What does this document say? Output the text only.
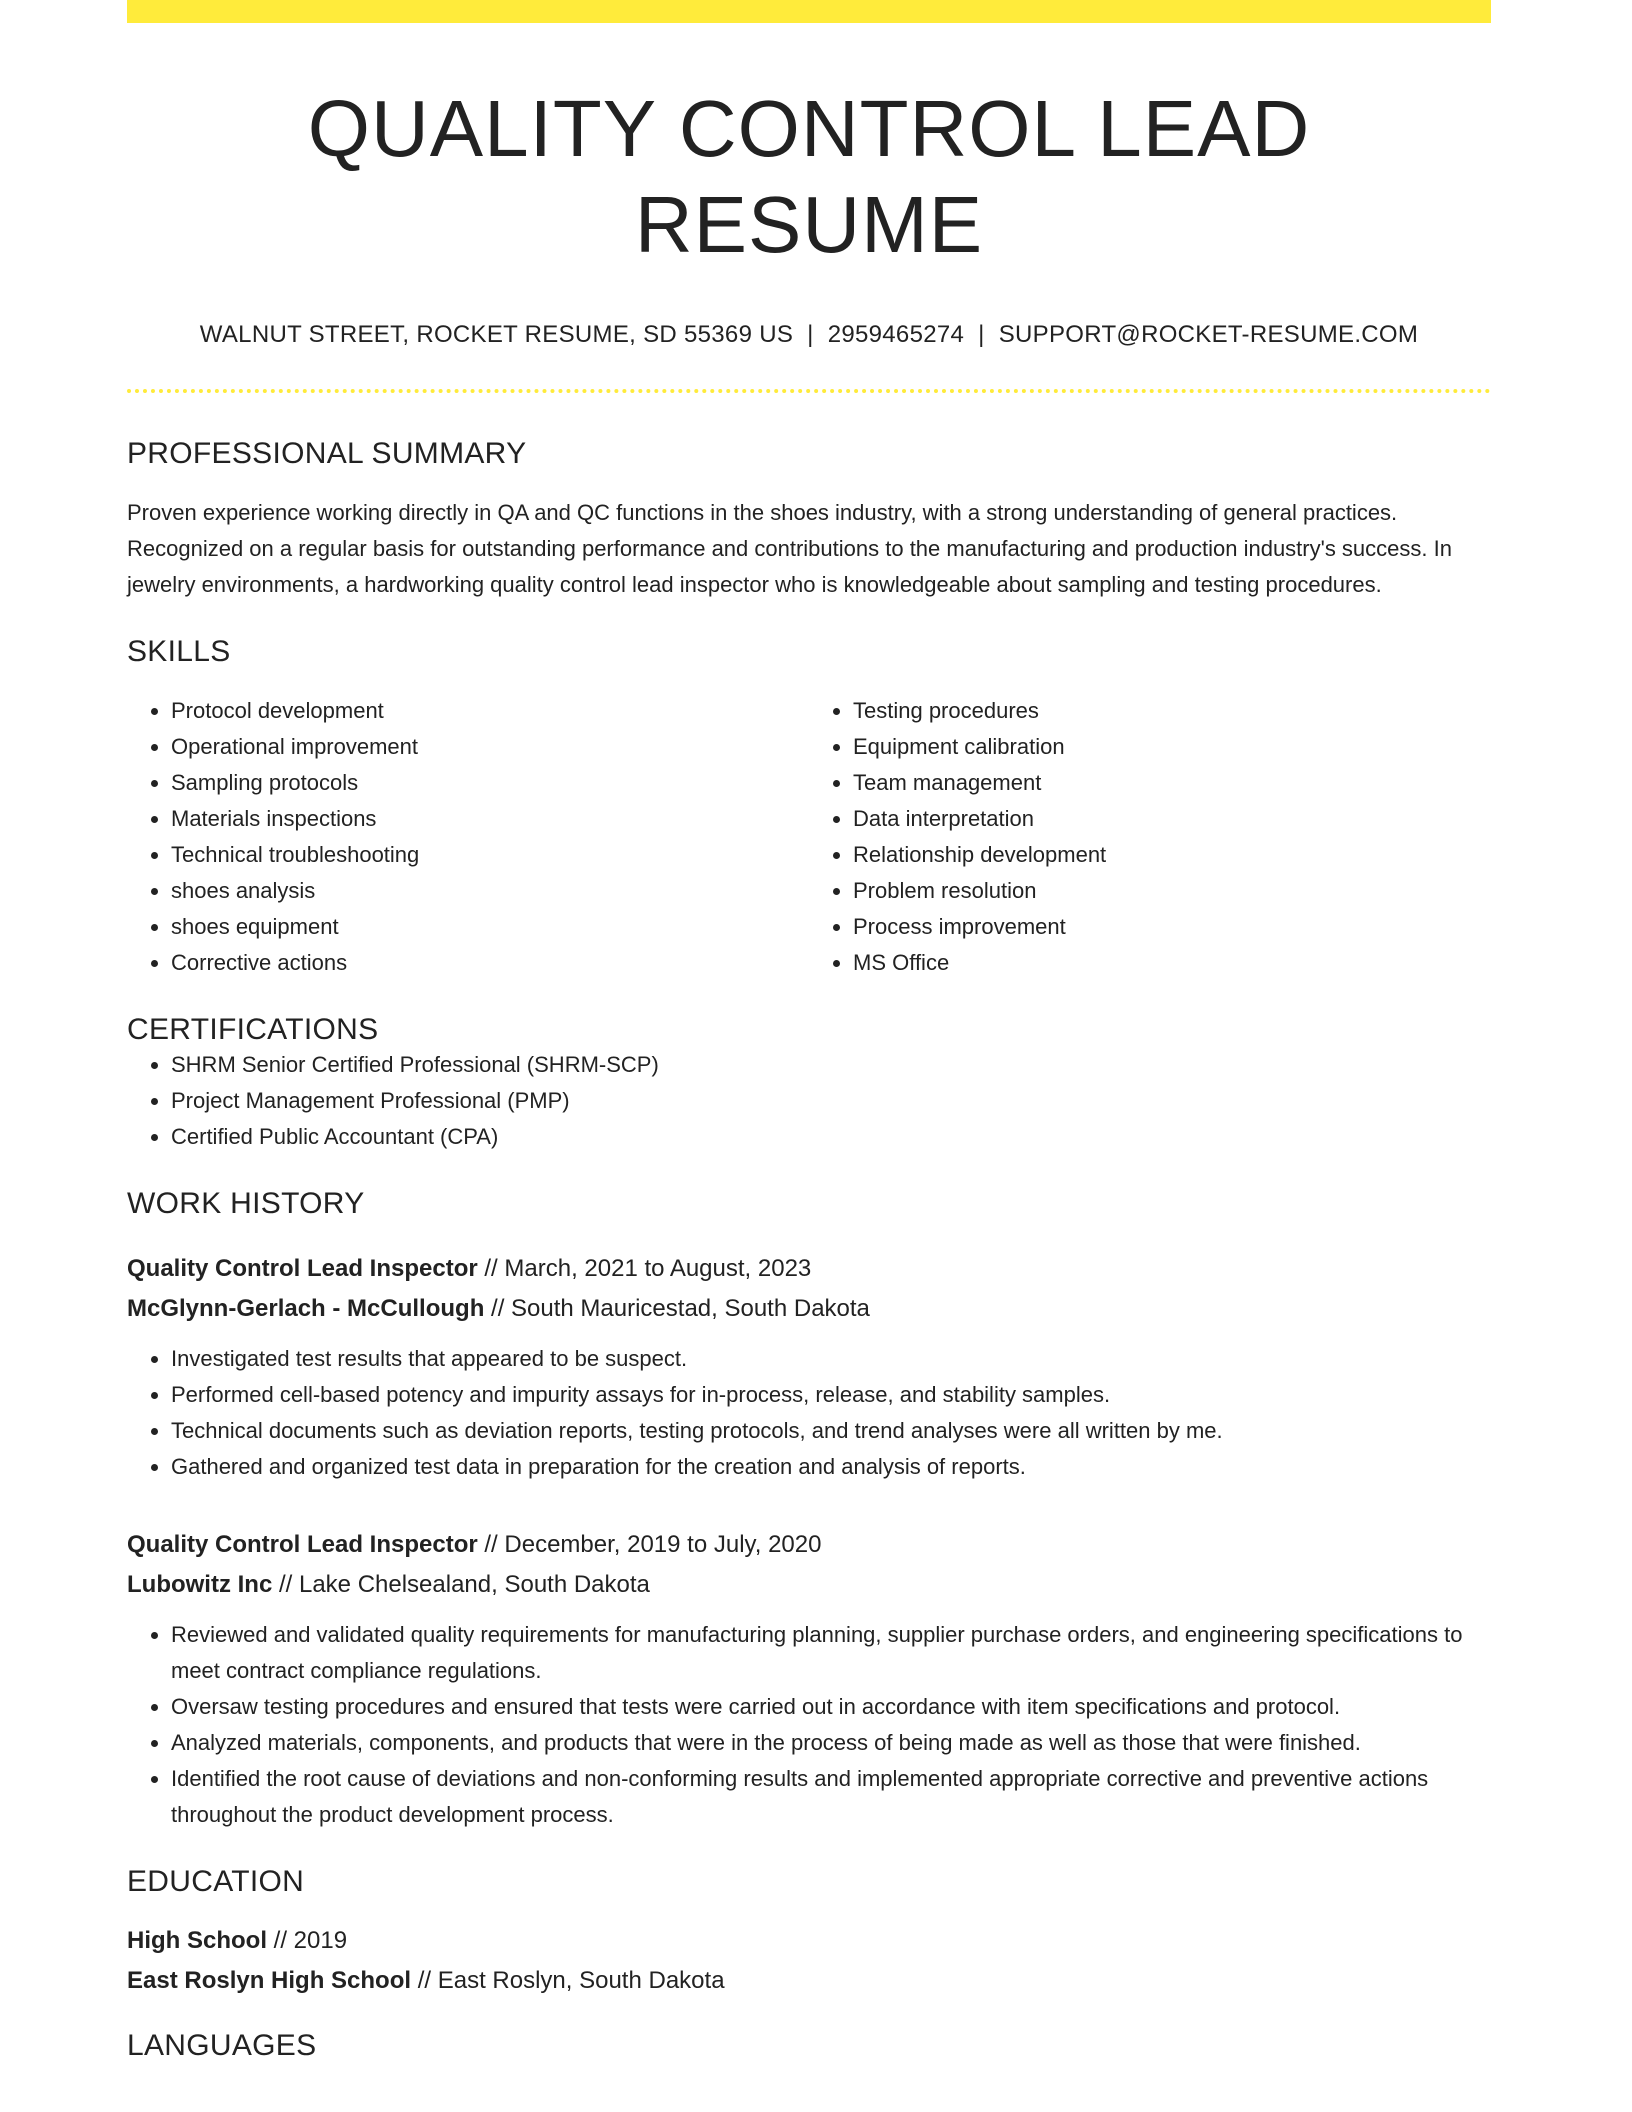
QUALITY CONTROL LEAD RESUME
WALNUT STREET, ROCKET RESUME, SD 55369 US | 2959465274 | SUPPORT@ROCKET-RESUME.COM
PROFESSIONAL SUMMARY
Proven experience working directly in QA and QC functions in the shoes industry, with a strong understanding of general practices. Recognized on a regular basis for outstanding performance and contributions to the manufacturing and production industry's success. In jewelry environments, a hardworking quality control lead inspector who is knowledgeable about sampling and testing procedures.
SKILLS
• Protocol development
• Operational improvement
• Sampling protocols
• Materials inspections
• Technical troubleshooting
• shoes analysis
• shoes equipment
• Corrective actions
• Testing procedures
• Equipment calibration
• Team management
• Data interpretation
• Relationship development
• Problem resolution
• Process improvement
• MS Office
CERTIFICATIONS
• SHRM Senior Certified Professional (SHRM-SCP)
• Project Management Professional (PMP)
• Certified Public Accountant (CPA)
WORK HISTORY
Quality Control Lead Inspector // March, 2021 to August, 2023
McGlynn-Gerlach - McCullough // South Mauricestad, South Dakota
• Investigated test results that appeared to be suspect.
• Performed cell-based potency and impurity assays for in-process, release, and stability samples.
• Technical documents such as deviation reports, testing protocols, and trend analyses were all written by me.
• Gathered and organized test data in preparation for the creation and analysis of reports.
Quality Control Lead Inspector // December, 2019 to July, 2020
Lubowitz Inc // Lake Chelsealand, South Dakota
• Reviewed and validated quality requirements for manufacturing planning, supplier purchase orders, and engineering specifications to meet contract compliance regulations.
• Oversaw testing procedures and ensured that tests were carried out in accordance with item specifications and protocol.
• Analyzed materials, components, and products that were in the process of being made as well as those that were finished.
• Identified the root cause of deviations and non-conforming results and implemented appropriate corrective and preventive actions throughout the product development process.
EDUCATION
High School // 2019
East Roslyn High School // East Roslyn, South Dakota
LANGUAGES
